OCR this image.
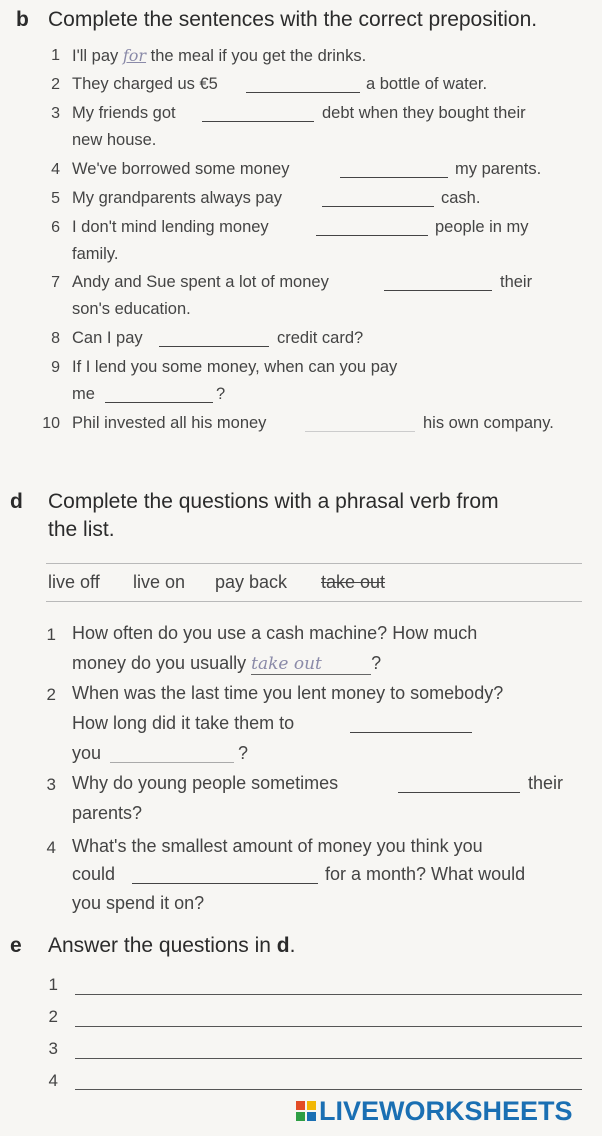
b Complete the sentences with the correct preposition.
1 I'll pay for the meal if you get the drinks.
2 They charged us €5	a bottle of water.
3 My friends got	debt when they bought their
new house.
4 We've borrowed some money	my parents.
5 My grandparents always pay	cash.
6 I don't mind lending money	people in my
family.
7 Andy and Sue spent a lot of money	their
son's education.
8 Can I pay	credit card?
9 If I lend you some money, when can you pay
me	?
10 Phil invested all his money	his own company.
d Complete the questions with a phrasal verb from
the list.
live off live on pay back take out
1 How often do you use a cash machine? How much
money do you usually take out	?
2 When was the last time you lent money to somebody?
How long did it take them to
you	?
3 Why do young people sometimes	their
parents?
4 What's the smallest amount of money you think you
could	for a month? What would
you spend it on?
e Answer the questions in d.
1
2
3
4
LIVEWORKSHEETS
